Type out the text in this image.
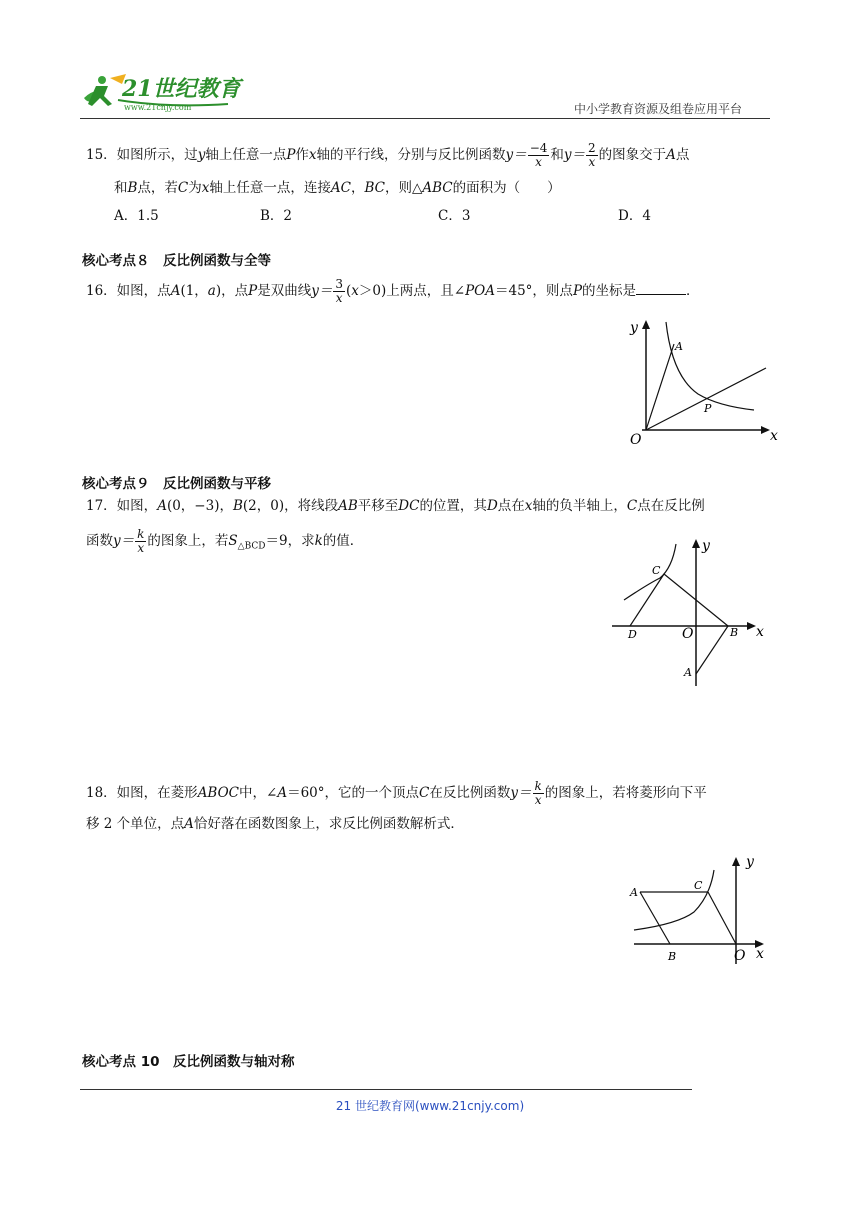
21世纪教育
www.21cnjy.com	中小学教育资源及组卷应用平台
15．如图所示，过y轴上任意一点P作x轴的平行线，分别与反比例函数$y= \frac{-4}{x}$ 和$y= \frac{2}{x}$ 的图象交于A点
和B点，若C为x轴上任意一点，连接AC，BC，则△ABC的面积为（　　）
A．1.5	B．2	C．3	D．4
核心考点８　反比例函数与全等
16．如图，点A(1，a)，点P是双曲线$y= \frac{3}{x} (x>0)$上两点，且∠POA＝45°，则点P的坐标是	．
y
x
O
A
P
核心考点９　反比例函数与平移
17．如图，A(0，−3)，B(2，0)，将线段AB平移至DC的位置，其D点在x轴的负半轴上，C点在反比例
函数$y= \frac{k}{x}$ 的图象上，若$S_{\triangle BCD}=9$，求k的值．	y
x
O
C
D	B
A
18．如图，在菱形ABOC中，∠A＝60°，它的一个顶点C在反比例函数$y= \frac{k}{x}$ 的图象上，若将菱形向下平
移 2 个单位，点A恰好落在函数图象上，求反比例函数解析式．
y
x
O
A
B
C
核心考点 10　反比例函数与轴对称
21 世纪教育网(www.21cnjy.com)
